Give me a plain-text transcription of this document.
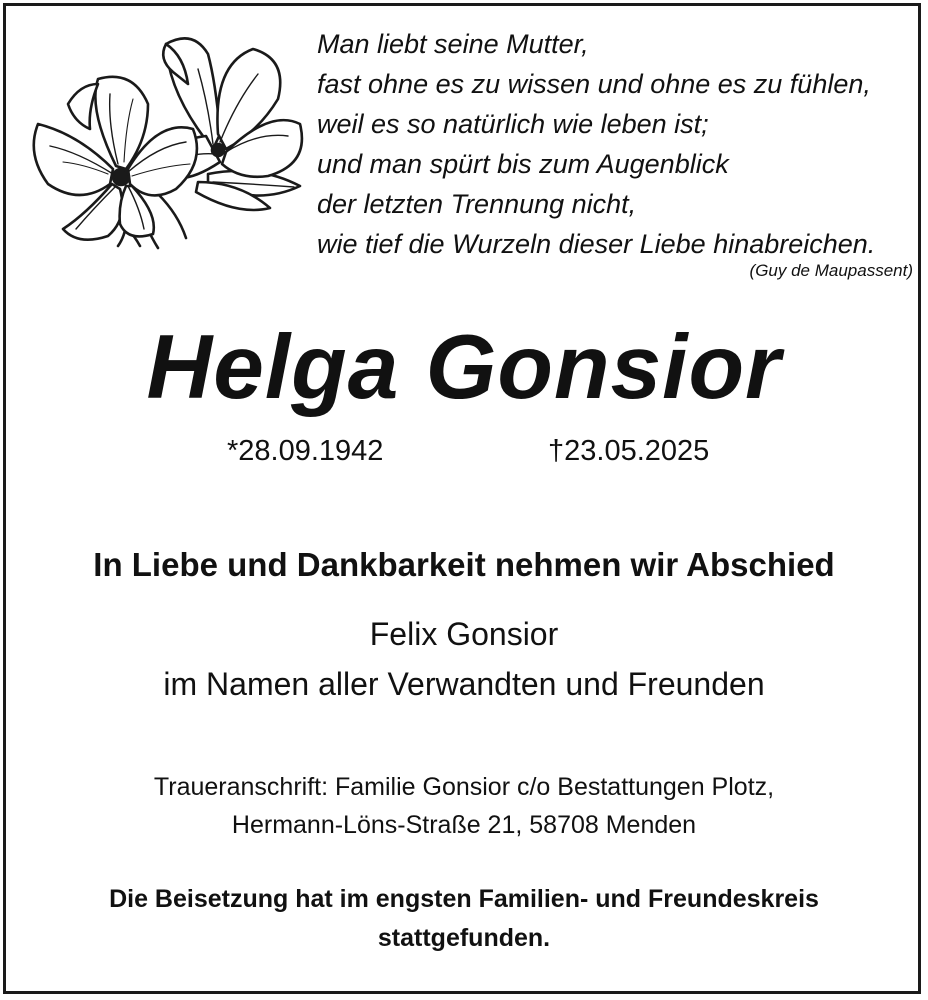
Man liebt seine Mutter,
fast ohne es zu wissen und ohne es zu fühlen,
weil es so natürlich wie leben ist;
und man spürt bis zum Augenblick
der letzten Trennung nicht,
wie tief die Wurzeln dieser Liebe hinabreichen.
(Guy de Maupassent)
Helga Gonsior
*28.09.1942	†23.05.2025
In Liebe und Dankbarkeit nehmen wir Abschied
Felix Gonsior
im Namen aller Verwandten und Freunden
Traueranschrift: Familie Gonsior c/o Bestattungen Plotz,
Hermann-Löns-Straße 21, 58708 Menden
Die Beisetzung hat im engsten Familien- und Freundeskreis
stattgefunden.
